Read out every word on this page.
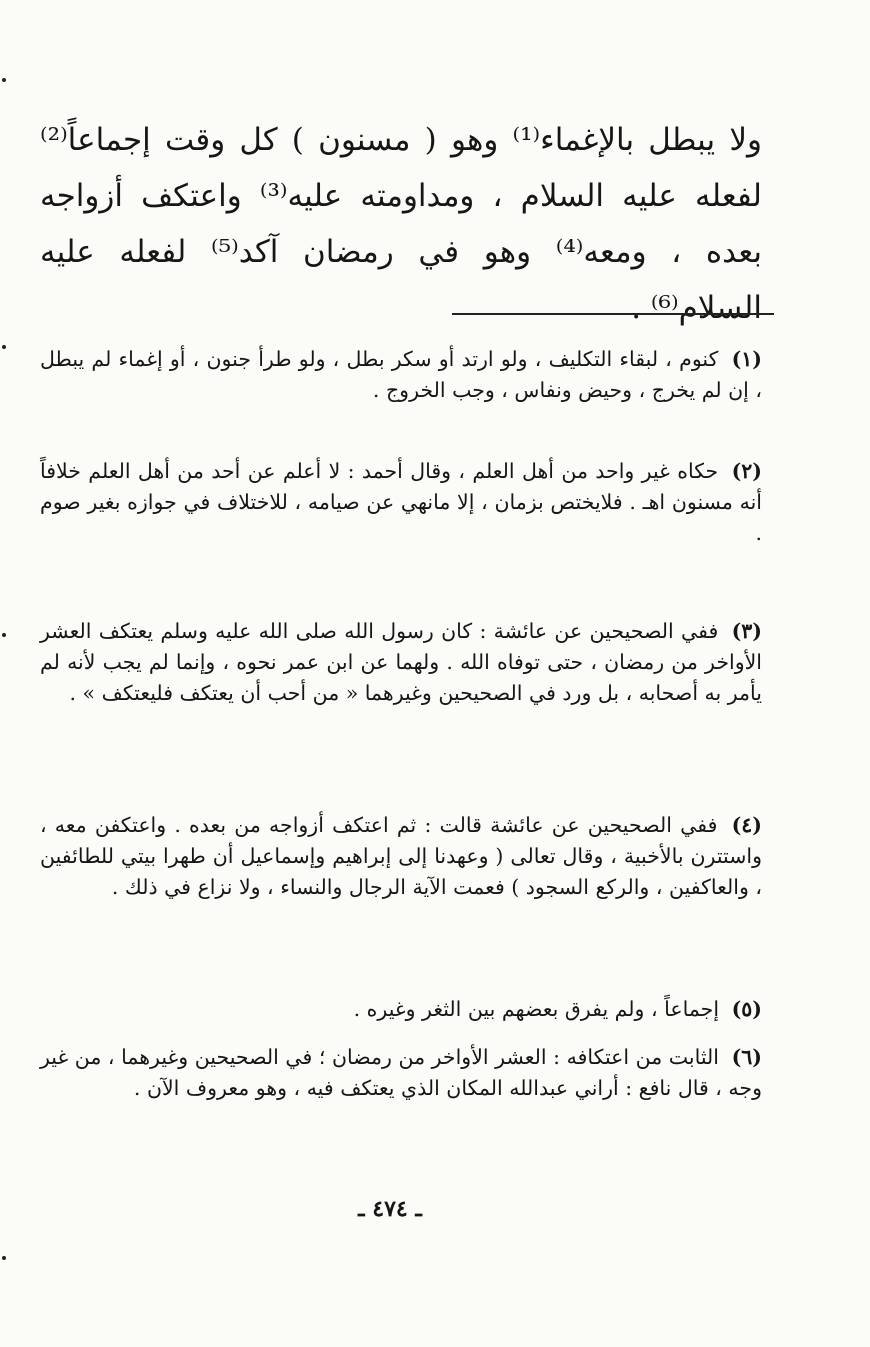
ولا يبطل بالإغماء⁽¹⁾ وهو ( مسنون ) كل وقت إجماعاً⁽²⁾ لفعله عليه السلام ، ومداومته عليه⁽³⁾ واعتكف أزواجه بعده ، ومعه⁽⁴⁾ وهو في رمضان آكد⁽⁵⁾ لفعله عليه السلام⁽⁶⁾ .

(١) كنوم ، لبقاء التكليف ، ولو ارتد أو سكر بطل ، ولو طرأ جنون ، أو إغماء لم يبطل ، إن لم يخرج ، وحيض ونفاس ، وجب الخروج .

(٢) حكاه غير واحد من أهل العلم ، وقال أحمد : لا أعلم عن أحد من أهل العلم خلافاً أنه مسنون اهـ . فلايختص بزمان ، إلا مانهي عن صيامه ، للاختلاف في جوازه بغير صوم .

(٣) ففي الصحيحين عن عائشة : كان رسول الله صلى الله عليه وسلم يعتكف العشر الأواخر من رمضان ، حتى توفاه الله . ولهما عن ابن عمر نحوه ، وإنما لم يجب لأنه لم يأمر به أصحابه ، بل ورد في الصحيحين وغيرهما « من أحب أن يعتكف فليعتكف » .

(٤) ففي الصحيحين عن عائشة قالت : ثم اعتكف أزواجه من بعده . واعتكفن معه ، واستترن بالأخبية ، وقال تعالى ( وعهدنا إلى إبراهيم وإسماعيل أن طهرا بيتي للطائفين ، والعاكفين ، والركع السجود ) فعمت الآية الرجال والنساء ، ولا نزاع في ذلك .

(٥) إجماعاً ، ولم يفرق بعضهم بين الثغر وغيره .

(٦) الثابت من اعتكافه : العشر الأواخر من رمضان ؛ في الصحيحين وغيرهما ، من غير وجه ، قال نافع : أراني عبدالله المكان الذي يعتكف فيه ، وهو معروف الآن .

ـ ٤٧٤ ـ
